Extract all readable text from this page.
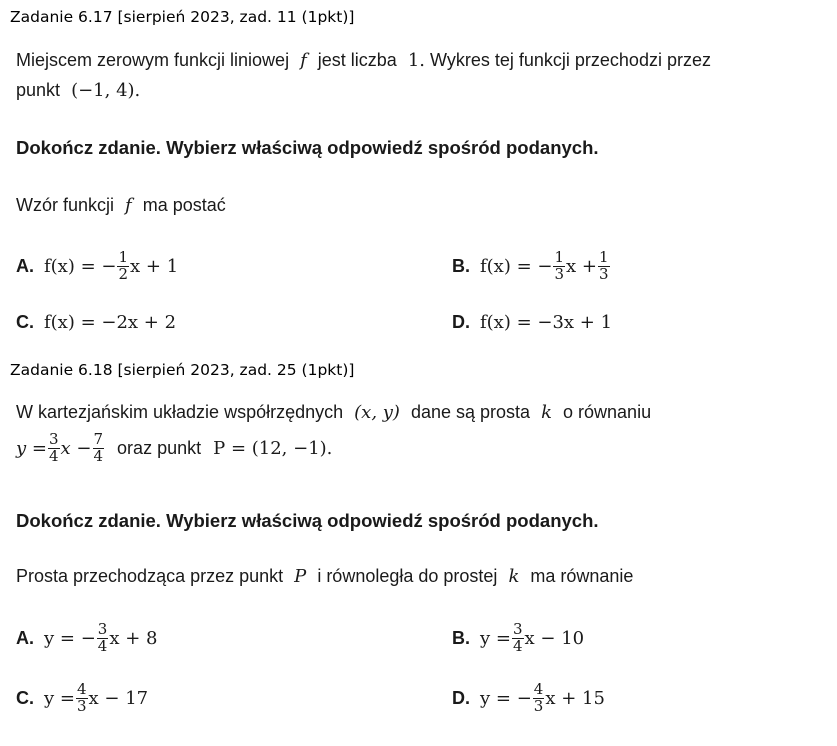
Zadanie 6.17 [sierpień 2023, zad. 11 (1pkt)]
Miejscem zerowym funkcji liniowej f jest liczba 1. Wykres tej funkcji przechodzi przez
punkt (−1, 4).
Dokończ zdanie. Wybierz właściwą odpowiedź spośród podanych.
Wzór funkcji f ma postać
A. f(x) = − $\frac{1}{2}$ x + 1	B. f(x) = − $\frac{1}{3}$ $x + \frac{1}{3}$
C. f(x) = −2x + 2	D. f(x) = −3x + 1
Zadanie 6.18 [sierpień 2023, zad. 25 (1pkt)]
W kartezjańskim układzie współrzędnych (x, y) dane są prosta k o równaniu
$y = \frac{3}{4}$ $x - \frac{7}{4}$ oraz punkt P = (12, −1).
Dokończ zdanie. Wybierz właściwą odpowiedź spośród podanych.
Prosta przechodząca przez punkt P i równoległa do prostej k ma równanie
A. y = − $\frac{3}{4}$ x + 8	B. $y = \frac{3}{4}$ x − 10
C. $y = \frac{4}{3}$ x − 17	D. y = − $\frac{4}{3}$ x + 15
